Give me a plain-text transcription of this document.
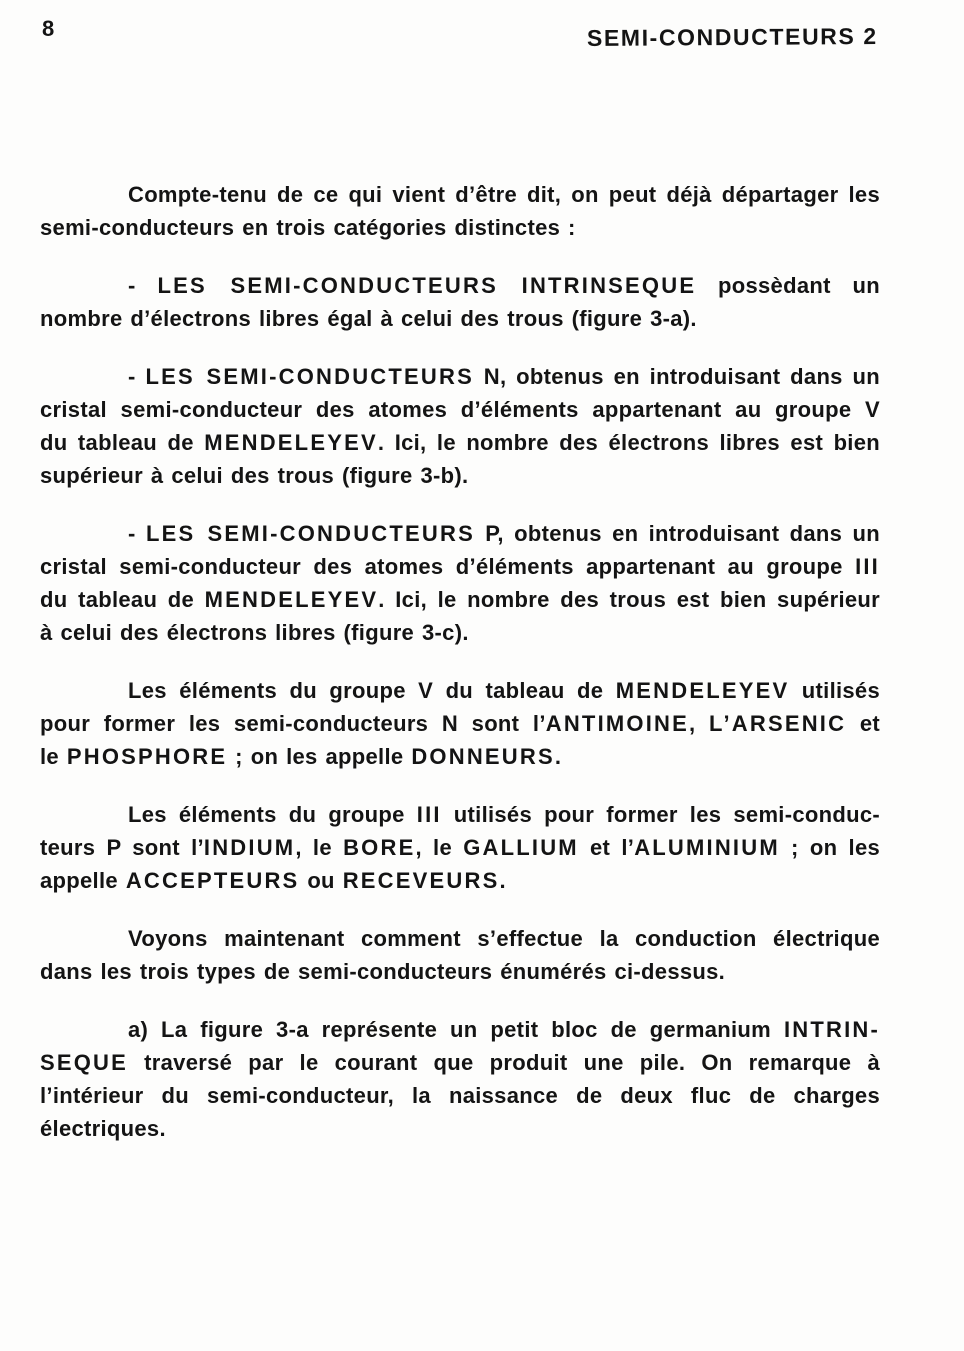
8	SEMI-CONDUCTEURS 2
Compte-tenu de ce qui vient d’être dit, on peut déjà départager les
semi-conducteurs en trois catégories distinctes :
- LES SEMI-CONDUCTEURS INTRINSEQUE possèdant un
nombre d’électrons libres égal à celui des trous (figure 3-a).
- LES SEMI-CONDUCTEURS N, obtenus en introduisant dans un
cristal semi-conducteur des atomes d’éléments appartenant au groupe V
du tableau de MENDELEYEV. Ici, le nombre des électrons libres est bien
supérieur à celui des trous (figure 3-b).
- LES SEMI-CONDUCTEURS P, obtenus en introduisant dans un
cristal semi-conducteur des atomes d’éléments appartenant au groupe III
du tableau de MENDELEYEV. Ici, le nombre des trous est bien supérieur
à celui des électrons libres (figure 3-c).
Les éléments du groupe V du tableau de MENDELEYEV utilisés
pour former les semi-conducteurs N sont l’ANTIMOINE, L’ARSENIC et
le PHOSPHORE ; on les appelle DONNEURS.
Les éléments du groupe III utilisés pour former les semi-conduc-
teurs P sont l’INDIUM, le BORE, le GALLIUM et l’ALUMINIUM ; on les
appelle ACCEPTEURS ou RECEVEURS.
Voyons maintenant comment s’effectue la conduction électrique
dans les trois types de semi-conducteurs énumérés ci-dessus.
a) La figure 3-a représente un petit bloc de germanium INTRIN-
SEQUE traversé par le courant que produit une pile. On remarque à
l’intérieur du semi-conducteur, la naissance de deux fluc de charges
électriques.
